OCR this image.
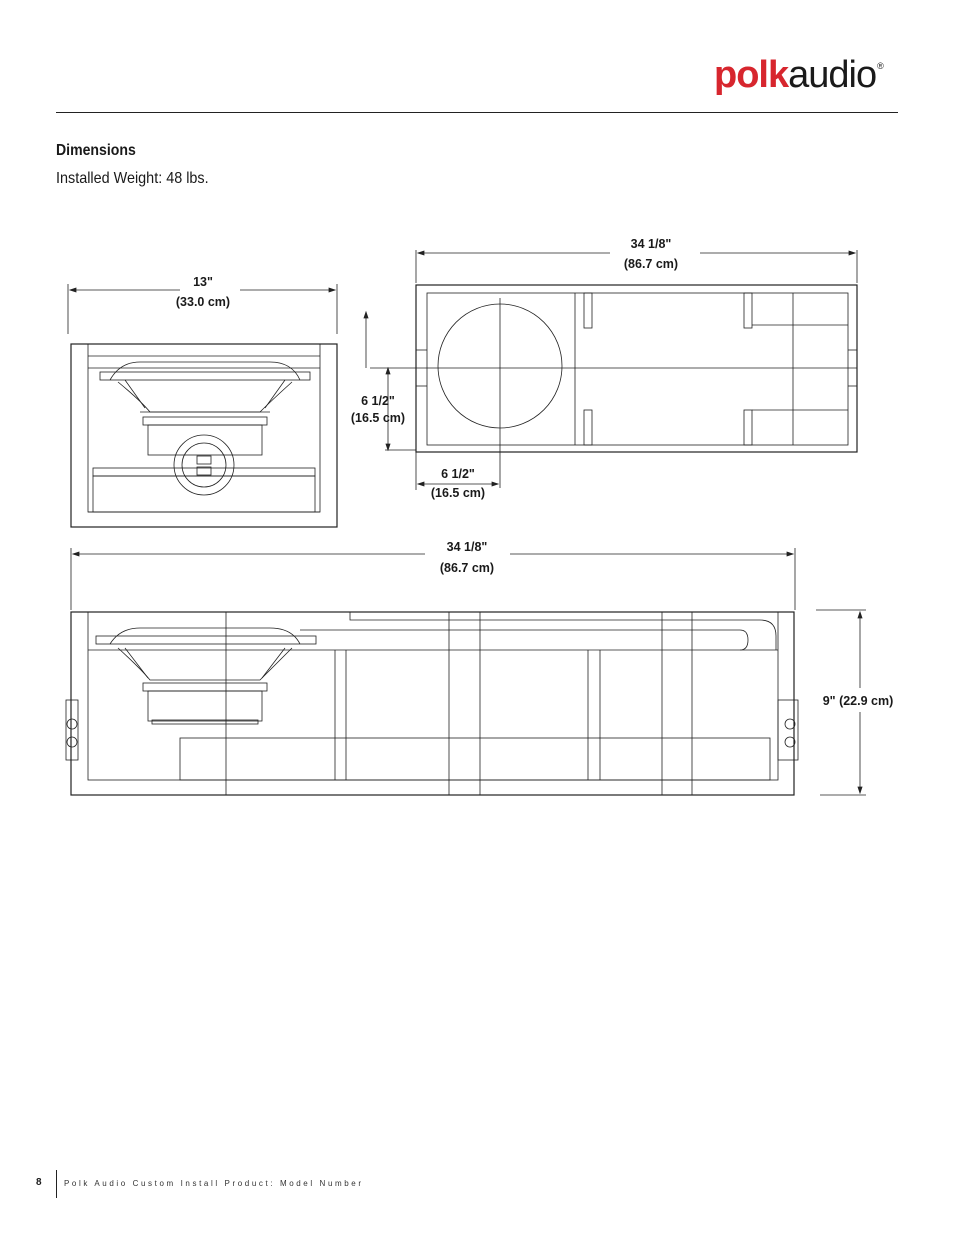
polkaudio®
Dimensions
Installed Weight: 48 lbs.
13"
(33.0 cm)
34 1/8"
(86.7 cm)
6 1/2"
(16.5 cm)
6 1/2"
(16.5 cm)
34 1/8"
(86.7 cm)
9" (22.9 cm)
8	Polk Audio Custom Install Product: Model Number
